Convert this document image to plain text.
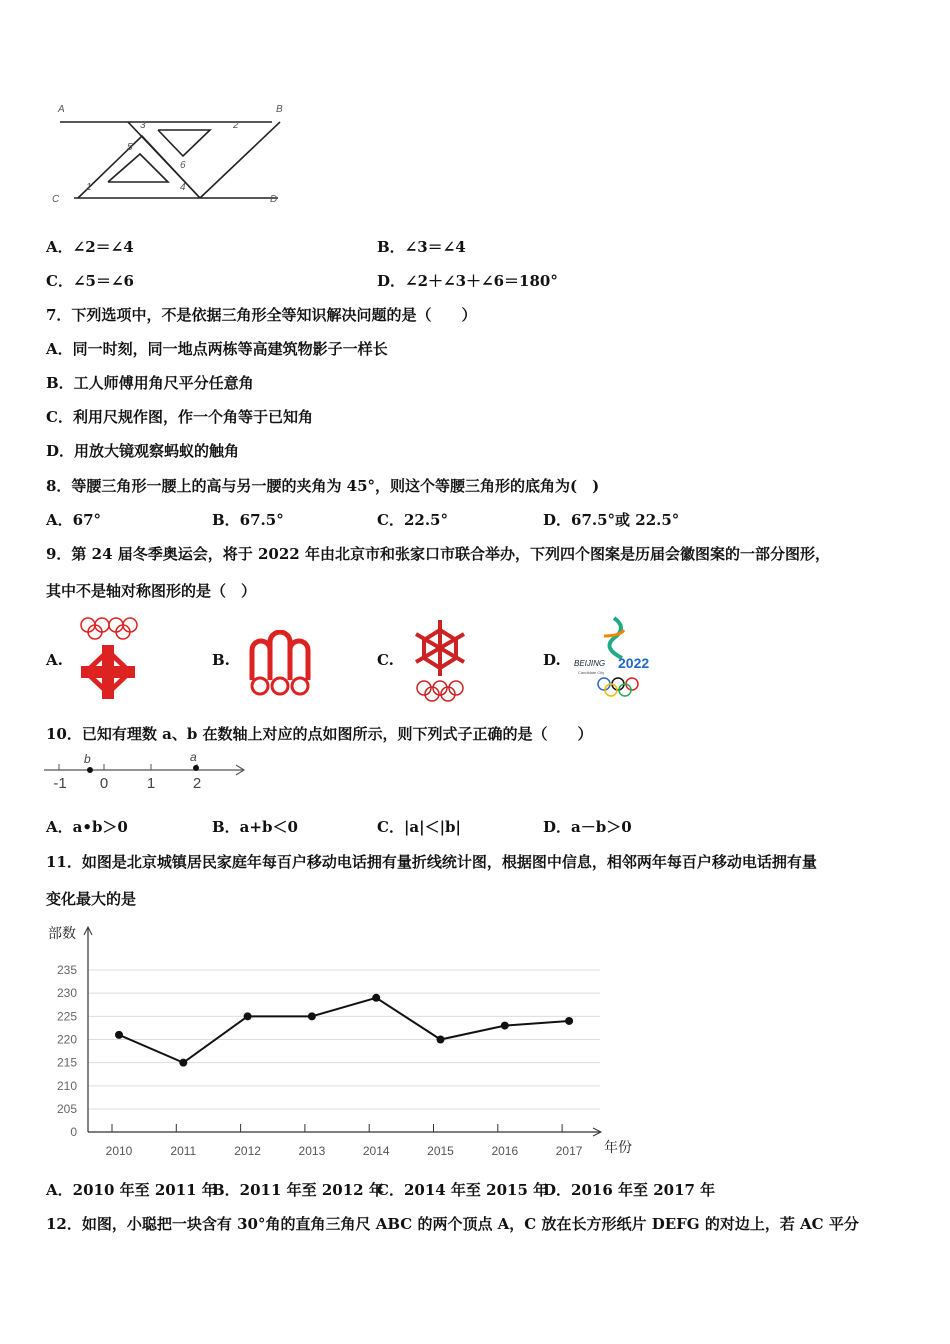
A	B
C	D
1
2
3
4
5
6
A．∠2＝∠4	B．∠3＝∠4
C．∠5＝∠6	D．∠2＋∠3＋∠6＝180°
7．下列选项中，不是依据三角形全等知识解决问题的是（　　）
A．同一时刻，同一地点两栋等高建筑物影子一样长
B．工人师傅用角尺平分任意角
C．利用尺规作图，作一个角等于已知角
D．用放大镜观察蚂蚁的触角
8．等腰三角形一腰上的高与另一腰的夹角为 45°，则这个等腰三角形的底角为(　)
A．67°	B．67.5°	C．22.5°	D．67.5°或 22.5°
9．第 24 届冬季奥运会，将于 2022 年由北京市和张家口市联合举办，下列四个图案是历届会徽图案的一部分图形，
其中不是轴对称图形的是（　）
A.	B.	C.	D. BEIJING 2022
Candidate City
10．已知有理数 a、b 在数轴上对应的点如图所示，则下列式子正确的是（　　）
-1 0	1	2
b	a
A．a•b＞0	B．a+b＜0	C．|a|＜|b|	D．a－b＞0
11．如图是北京城镇居民家庭年每百户移动电话拥有量折线统计图，根据图中信息，相邻两年每百户移动电话拥有量
变化最大的是
部数
年份
0
205
210
215
220
225
230
235
2010	2011	2012	2013	2014	2015	2016	2017
A．2010 年至 2011 年
B．2011 年至 2012 年
C．2014 年至 2015 年
D．2016 年至 2017 年
12．如图，小聪把一块含有 30°角的直角三角尺 ABC 的两个顶点 A，C 放在长方形纸片 DEFG 的对边上，若 AC 平分
